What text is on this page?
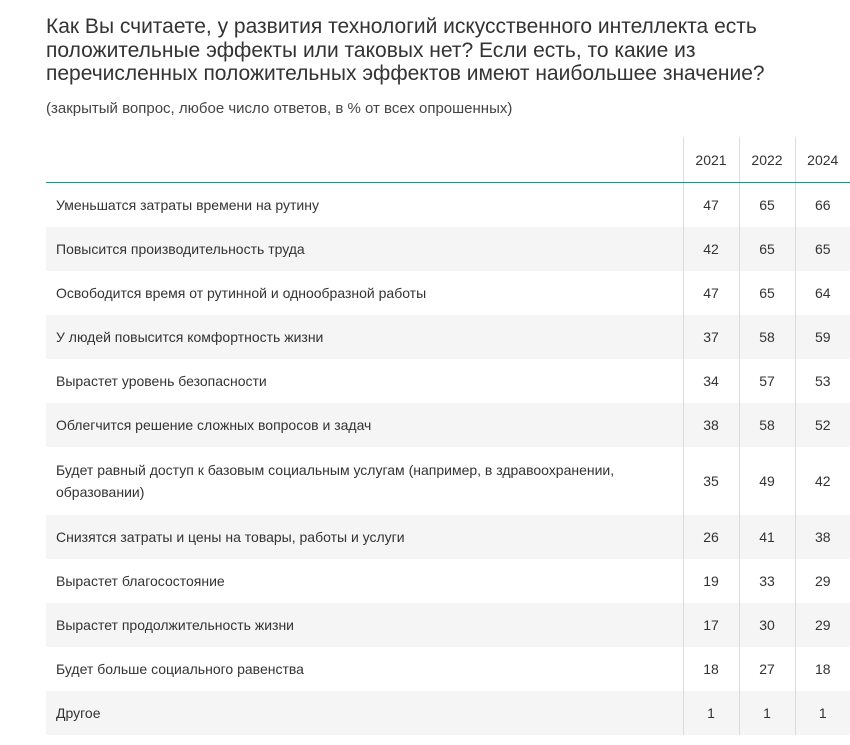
Как Вы считаете, у развития технологий искусственного интеллекта есть положительные эффекты или таковых нет? Если есть, то какие из перечисленных положительных эффектов имеют наибольшее значение?

(закрытый вопрос, любое число ответов, в % от всех опрошенных)

	2021	2022	2024
Уменьшатся затраты времени на рутину	47	65	66
Повысится производительность труда	42	65	65
Освободится время от рутинной и однообразной работы	47	65	64
У людей повысится комфортность жизни	37	58	59
Вырастет уровень безопасности	34	57	53
Облегчится решение сложных вопросов и задач	38	58	52
Будет равный доступ к базовым социальным услугам (например, в здравоохранении, образовании)	35	49	42
Снизятся затраты и цены на товары, работы и услуги	26	41	38
Вырастет благосостояние	19	33	29
Вырастет продолжительность жизни	17	30	29
Будет больше социального равенства	18	27	18
Другое	1	1	1
